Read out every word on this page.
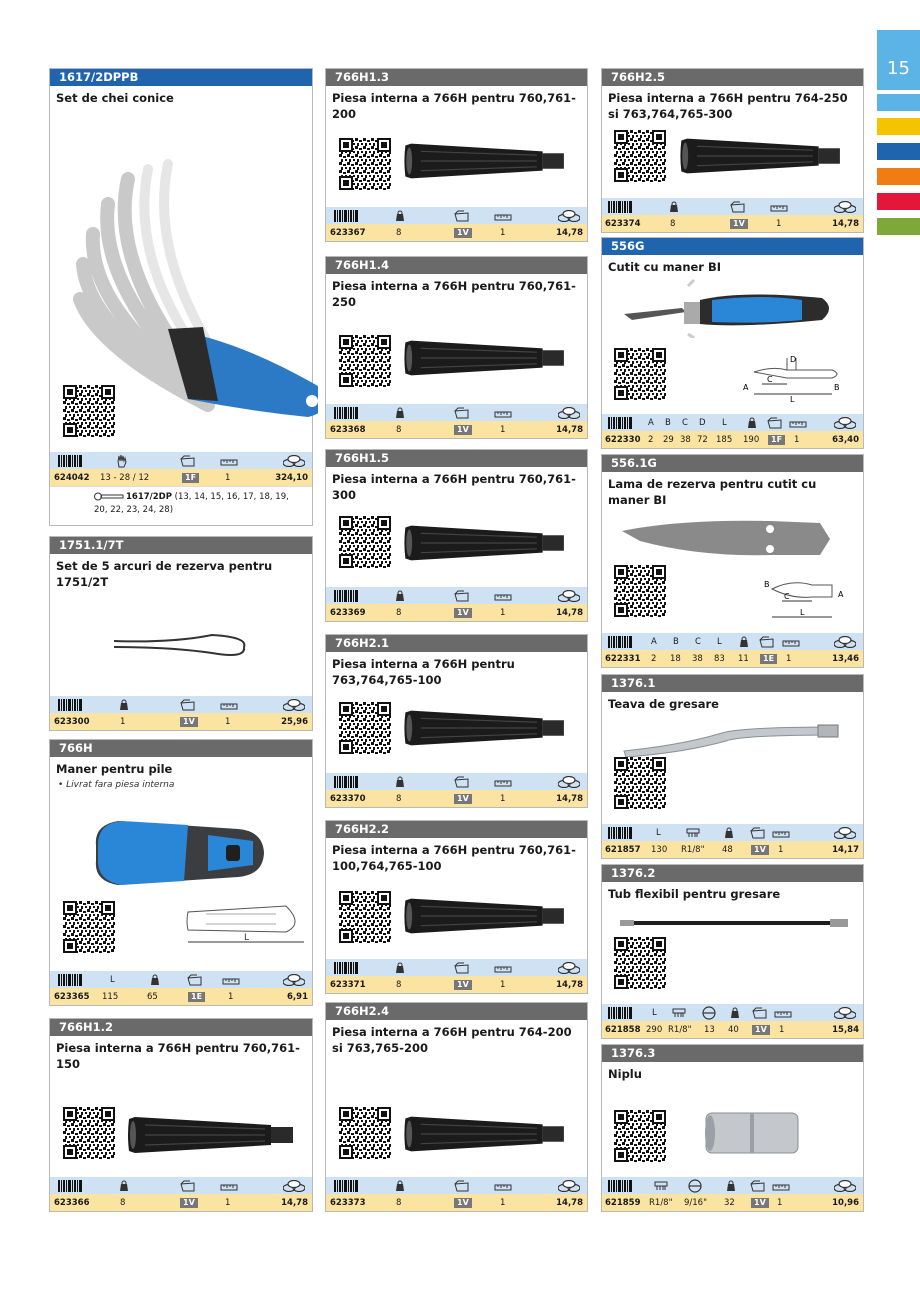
15
1617/2DPPB
Set de chei conice
624042 13 - 28 / 12	1F	1	324,10
1617/2DP (13, 14, 15, 16, 17, 18, 19, 20, 22, 23, 24, 28)
1751.1/7T
Set de 5 arcuri de rezerva pentru 1751/2T
623300	1	1V	1	25,96
766H
Maner pentru pile
• Livrat fara piesa interna
L
L
623365 115	65	1E	1	6,91
766H1.2
Piesa interna a 766H pentru 760,761-150
623366	8	1V	1	14,78
766H1.3
Piesa interna a 766H pentru 760,761-200
623367	8	1V	1	14,78
766H1.4
Piesa interna a 766H pentru 760,761-250
623368	8	1V	1	14,78
766H1.5
Piesa interna a 766H pentru 760,761-300
623369	8	1V	1	14,78
766H2.1
Piesa interna a 766H pentru 763,764,765-100
623370	8	1V	1	14,78
766H2.2
Piesa interna a 766H pentru 760,761-100,764,765-100
623371	8	1V	1	14,78
766H2.4
Piesa interna a 766H pentru 764-200 si 763,765-200
623373	8	1V	1	14,78
766H2.5
Piesa interna a 766H pentru 764-250 si 763,764,765-300
623374	8	1V	1	14,78
556G
Cutit cu maner BI
D
C
A	B
L
A B C D L
622330 2 29 38 72 185 190	1F	1	63,40
556.1G
Lama de rezerva pentru cutit cu maner BI
B
C	A
L
A B C L
622331 2 18 38 83 11	1E	1	13,46
1376.1
Teava de gresare
L
621857 130 R1/8" 48	1V	1	14,17
1376.2
Tub flexibil pentru gresare
L
621858 290 R1/8" 13 40	1V	1	15,84
1376.3
Niplu
621859 R1/8" 9/16" 32	1V	1	10,96
